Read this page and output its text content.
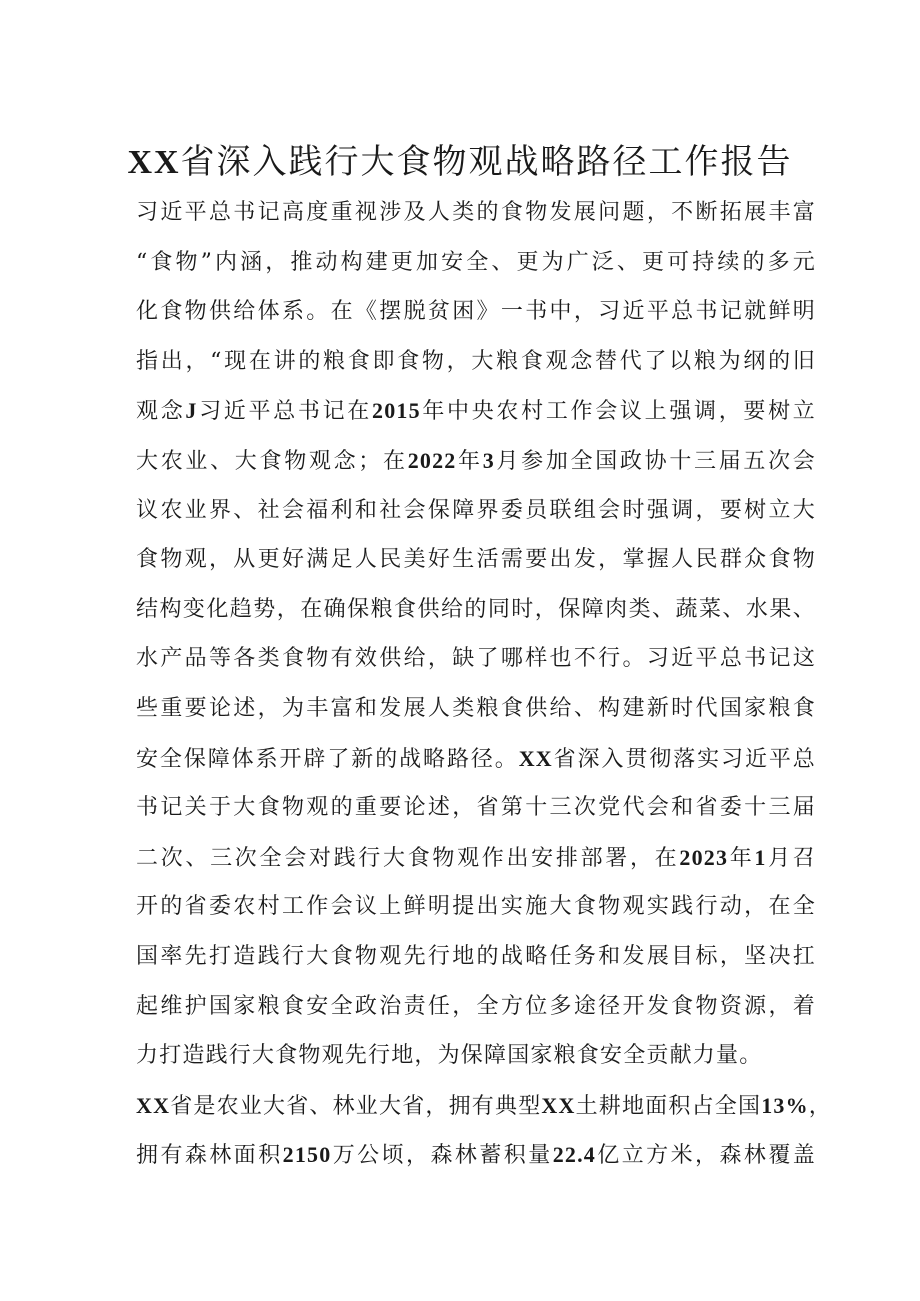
XX省深入践行大食物观战略路径工作报告
习近平总书记高度重视涉及人类的食物发展问题，不断拓展丰富
“食物”内涵，推动构建更加安全、更为广泛、更可持续的多元
化食物供给体系。在《摆脱贫困》一书中，习近平总书记就鲜明
指出，“现在讲的粮食即食物，大粮食观念替代了以粮为纲的旧
观念J习近平总书记在2015年中央农村工作会议上强调，要树立
大农业、大食物观念；在2022年3月参加全国政协十三届五次会
议农业界、社会福利和社会保障界委员联组会时强调，要树立大
食物观，从更好满足人民美好生活需要出发，掌握人民群众食物
结构变化趋势，在确保粮食供给的同时，保障肉类、蔬菜、水果、
水产品等各类食物有效供给，缺了哪样也不行。习近平总书记这
些重要论述，为丰富和发展人类粮食供给、构建新时代国家粮食
安全保障体系开辟了新的战略路径。XX省深入贯彻落实习近平总
书记关于大食物观的重要论述，省第十三次党代会和省委十三届
二次、三次全会对践行大食物观作出安排部署，在2023年1月召
开的省委农村工作会议上鲜明提出实施大食物观实践行动，在全
国率先打造践行大食物观先行地的战略任务和发展目标，坚决扛
起维护国家粮食安全政治责任，全方位多途径开发食物资源，着
力打造践行大食物观先行地，为保障国家粮食安全贡献力量。
XX省是农业大省、林业大省，拥有典型XX土耕地面积占全国13%，
拥有森林面积2150万公顷，森林蓄积量22.4亿立方米，森林覆盖
